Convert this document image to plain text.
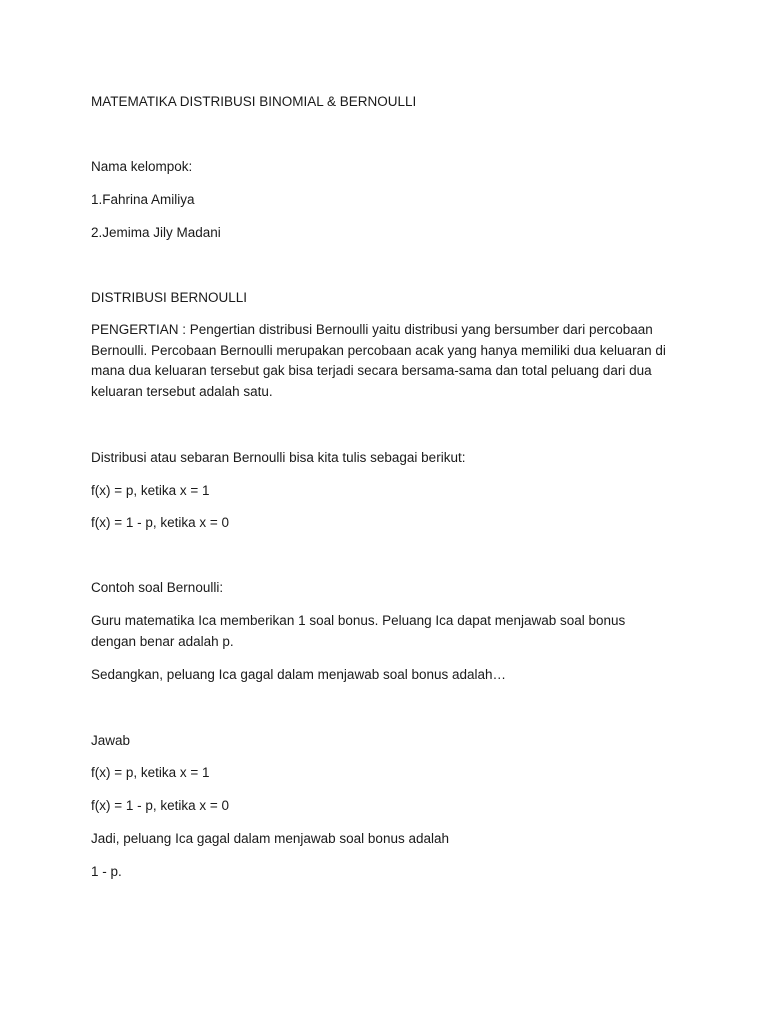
MATEMATIKA DISTRIBUSI BINOMIAL & BERNOULLI
Nama kelompok:
1.Fahrina Amiliya
2.Jemima Jily Madani
DISTRIBUSI BERNOULLI
PENGERTIAN : Pengertian distribusi Bernoulli yaitu distribusi yang bersumber dari percobaan
Bernoulli. Percobaan Bernoulli merupakan percobaan acak yang hanya memiliki dua keluaran di
mana dua keluaran tersebut gak bisa terjadi secara bersama-sama dan total peluang dari dua
keluaran tersebut adalah satu.
Distribusi atau sebaran Bernoulli bisa kita tulis sebagai berikut:
f(x) = p, ketika x = 1
f(x) = 1 - p, ketika x = 0
Contoh soal Bernoulli:
Guru matematika Ica memberikan 1 soal bonus. Peluang Ica dapat menjawab soal bonus
dengan benar adalah p.
Sedangkan, peluang Ica gagal dalam menjawab soal bonus adalah…
Jawab
f(x) = p, ketika x = 1
f(x) = 1 - p, ketika x = 0
Jadi, peluang Ica gagal dalam menjawab soal bonus adalah
1 - p.
